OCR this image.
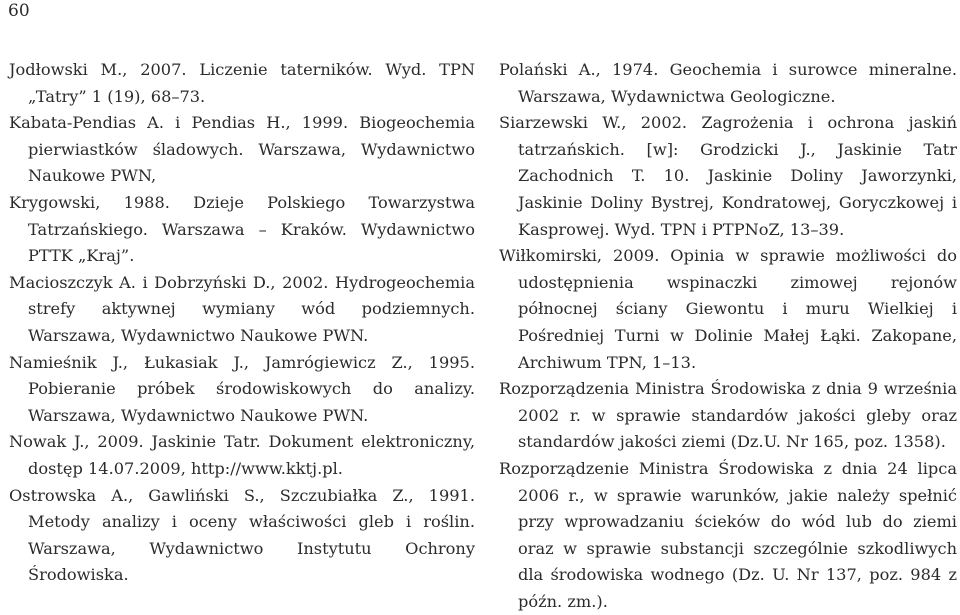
60
Jodłowski M., 2007. Liczenie taterników. Wyd. TPN „Tatry” 1 (19), 68–73.
Kabata-Pendias A. i Pendias H., 1999. Biogeochemia pierwiastków śladowych. Warszawa, Wydawnictwo Naukowe PWN,
Krygowski, 1988. Dzieje Polskiego Towarzystwa Tatrzańskiego. Warszawa – Kraków. Wydawnictwo PTTK „Kraj”.
Macioszczyk A. i Dobrzyński D., 2002. Hydrogeochemia strefy aktywnej wymiany wód podziemnych. Warszawa, Wydawnictwo Naukowe PWN.
Namieśnik J., Łukasiak J., Jamrógiewicz Z., 1995. Pobieranie próbek środowiskowych do analizy. Warszawa, Wydawnictwo Naukowe PWN.
Nowak J., 2009. Jaskinie Tatr. Dokument elektroniczny, dostęp 14.07.2009, http://www.kktj.pl.
Ostrowska A., Gawliński S., Szczubiałka Z., 1991. Metody analizy i oceny właściwości gleb i roślin. Warszawa, Wydawnictwo Instytutu Ochrony Środowiska.
Polański A., 1974. Geochemia i surowce mineralne. Warszawa, Wydawnictwa Geologiczne.
Siarzewski W., 2002. Zagrożenia i ochrona jaskiń tatrzańskich. [w]: Grodzicki J., Jaskinie Tatr Zachodnich T. 10. Jaskinie Doliny Jaworzynki, Jaskinie Doliny Bystrej, Kondratowej, Goryczkowej i Kasprowej. Wyd. TPN i PTPNoZ, 13–39.
Wiłkomirski, 2009. Opinia w sprawie możliwości do udostępnienia wspinaczki zimowej rejonów północnej ściany Giewontu i muru Wielkiej i Pośredniej Turni w Dolinie Małej Łąki. Zakopane, Archiwum TPN, 1–13.
Rozporządzenia Ministra Środowiska z dnia 9 września 2002 r. w sprawie standardów jakości gleby oraz standardów jakości ziemi (Dz.U. Nr 165, poz. 1358).
Rozporządzenie Ministra Środowiska z dnia 24 lipca 2006 r., w sprawie warunków, jakie należy spełnić przy wprowadzaniu ścieków do wód lub do ziemi oraz w sprawie substancji szczególnie szkodliwych dla środowiska wodnego (Dz. U. Nr 137, poz. 984 z późn. zm.).
